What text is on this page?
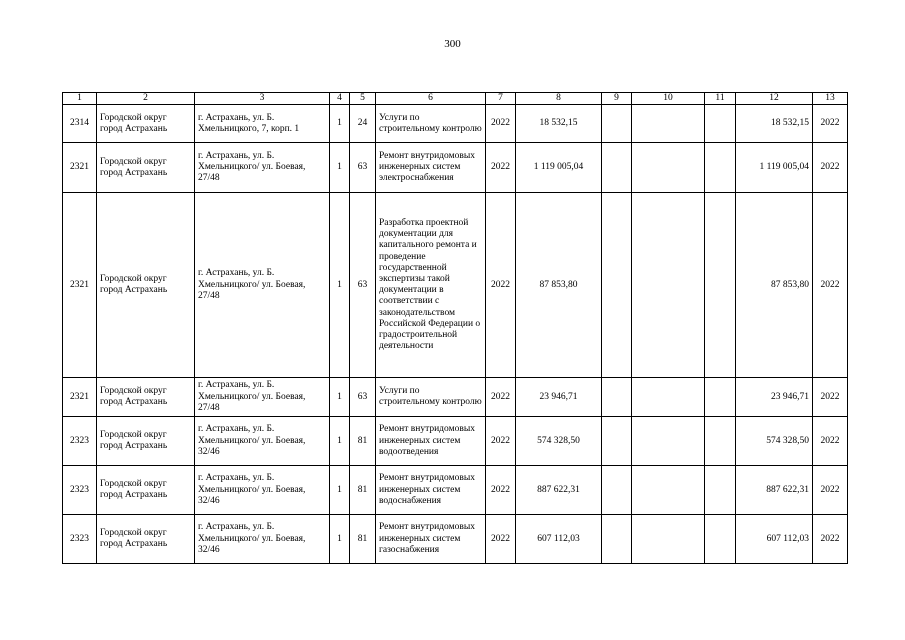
300
1	2	3	4	5	6	7	8	9	10	11	12	13
2314	Городской округ город Астрахань	г. Астрахань, ул. Б. Хмельницкого, 7, корп. 1	1	24	Услуги по строительному контролю	2022	18 532,15				18 532,15	2022
2321	Городской округ город Астрахань	г. Астрахань, ул. Б. Хмельницкого/ ул. Боевая, 27/48	1	63	Ремонт внутридомовых инженерных систем электроснабжения	2022	1 119 005,04				1 119 005,04	2022
2321	Городской округ город Астрахань	г. Астрахань, ул. Б. Хмельницкого/ ул. Боевая, 27/48	1	63	Разработка проектной документации для капитального ремонта и проведение государственной экспертизы такой документации в соответствии с законодательством Российской Федерации о градостроительной деятельности	2022	87 853,80				87 853,80	2022
2321	Городской округ город Астрахань	г. Астрахань, ул. Б. Хмельницкого/ ул. Боевая, 27/48	1	63	Услуги по строительному контролю	2022	23 946,71				23 946,71	2022
2323	Городской округ город Астрахань	г. Астрахань, ул. Б. Хмельницкого/ ул. Боевая, 32/46	1	81	Ремонт внутридомовых инженерных систем водоотведения	2022	574 328,50				574 328,50	2022
2323	Городской округ город Астрахань	г. Астрахань, ул. Б. Хмельницкого/ ул. Боевая, 32/46	1	81	Ремонт внутридомовых инженерных систем водоснабжения	2022	887 622,31				887 622,31	2022
2323	Городской округ город Астрахань	г. Астрахань, ул. Б. Хмельницкого/ ул. Боевая, 32/46	1	81	Ремонт внутридомовых инженерных систем газоснабжения	2022	607 112,03				607 112,03	2022
